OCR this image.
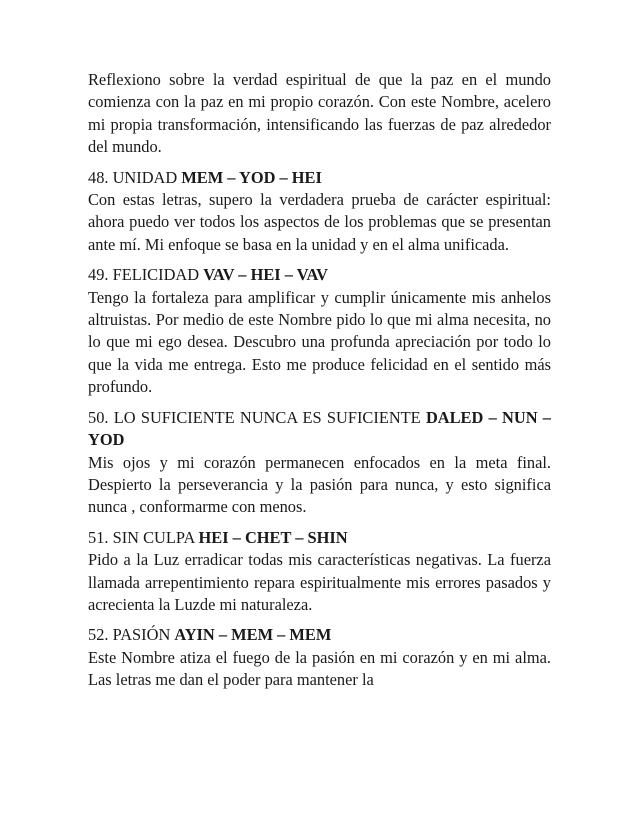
Reflexiono sobre la verdad espiritual de que la paz en el mundo comienza con la paz en mi propio corazón. Con este Nombre, acelero mi propia transformación, intensificando las fuerzas de paz alrededor del mundo.

48. UNIDAD MEM – YOD – HEI

Con estas letras, supero la verdadera prueba de carácter espiritual: ahora puedo ver todos los aspectos de los problemas que se presentan ante mí. Mi enfoque se basa en la unidad y en el alma unificada.

49. FELICIDAD VAV – HEI – VAV

Tengo la fortaleza para amplificar y cumplir únicamente mis anhelos altruistas. Por medio de este Nombre pido lo que mi alma necesita, no lo que mi ego desea. Descubro una profunda apreciación por todo lo que la vida me entrega. Esto me produce felicidad en el sentido más profundo.

50. LO SUFICIENTE NUNCA ES SUFICIENTE DALED – NUN – YOD

Mis ojos y mi corazón permanecen enfocados en la meta final. Despierto la perseverancia y la pasión para nunca, y esto significa nunca , conformarme con menos.

51. SIN CULPA HEI – CHET – SHIN

Pido a la Luz erradicar todas mis características negativas. La fuerza llamada arrepentimiento repara espiritualmente mis errores pasados y acrecienta la Luzde mi naturaleza.

52. PASIÓN AYIN – MEM – MEM

Este Nombre atiza el fuego de la pasión en mi corazón y en mi alma. Las letras me dan el poder para mantener la
